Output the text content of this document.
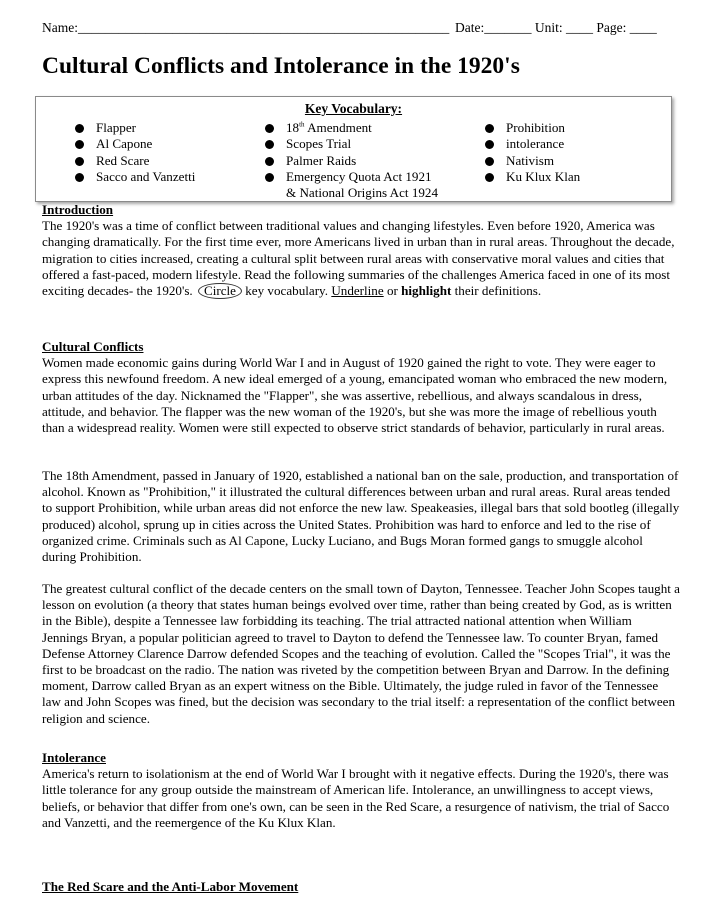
Name:_______________________________________________________ Date:_______ Unit: ____ Page: ____
Cultural Conflicts and Intolerance in the 1920's
Key Vocabulary:
Flapper
Al Capone
Red Scare
Sacco and Vanzetti
18th Amendment
Scopes Trial
Palmer Raids
Emergency Quota Act 1921
& National Origins Act 1924
Prohibition
intolerance
Nativism
Ku Klux Klan
Introduction

The 1920's was a time of conflict between traditional values and changing lifestyles. Even before 1920, America was changing dramatically. For the first time ever, more Americans lived in urban than in rural areas. Throughout the decade, migration to cities increased, creating a cultural split between rural areas with conservative moral values and cities that offered a fast-paced, modern lifestyle. Read the following summaries of the challenges America faced in one of its most exciting decades- the 1920's. Circle key vocabulary. Underline or highlight their definitions.

Cultural Conflicts

Women made economic gains during World War I and in August of 1920 gained the right to vote. They were eager to express this newfound freedom. A new ideal emerged of a young, emancipated woman who embraced the new modern, urban attitudes of the day. Nicknamed the "Flapper", she was assertive, rebellious, and always scandalous in dress, attitude, and behavior. The flapper was the new woman of the 1920's, but she was more the image of rebellious youth than a widespread reality. Women were still expected to observe strict standards of behavior, particularly in rural areas.

The 18th Amendment, passed in January of 1920, established a national ban on the sale, production, and transportation of alcohol. Known as "Prohibition," it illustrated the cultural differences between urban and rural areas. Rural areas tended to support Prohibition, while urban areas did not enforce the new law. Speakeasies, illegal bars that sold bootleg (illegally produced) alcohol, sprung up in cities across the United States. Prohibition was hard to enforce and led to the rise of organized crime. Criminals such as Al Capone, Lucky Luciano, and Bugs Moran formed gangs to smuggle alcohol during Prohibition.

The greatest cultural conflict of the decade centers on the small town of Dayton, Tennessee. Teacher John Scopes taught a lesson on evolution (a theory that states human beings evolved over time, rather than being created by God, as is written in the Bible), despite a Tennessee law forbidding its teaching. The trial attracted national attention when William Jennings Bryan, a popular politician agreed to travel to Dayton to defend the Tennessee law. To counter Bryan, famed Defense Attorney Clarence Darrow defended Scopes and the teaching of evolution. Called the "Scopes Trial", it was the first to be broadcast on the radio. The nation was riveted by the competition between Bryan and Darrow. In the defining moment, Darrow called Bryan as an expert witness on the Bible. Ultimately, the judge ruled in favor of the Tennessee law and John Scopes was fined, but the decision was secondary to the trial itself: a representation of the conflict between religion and science.

Intolerance

America's return to isolationism at the end of World War I brought with it negative effects. During the 1920's, there was little tolerance for any group outside the mainstream of American life. Intolerance, an unwillingness to accept views, beliefs, or behavior that differ from one's own, can be seen in the Red Scare, a resurgence of nativism, the trial of Sacco and Vanzetti, and the reemergence of the Ku Klux Klan.

The Red Scare and the Anti-Labor Movement
